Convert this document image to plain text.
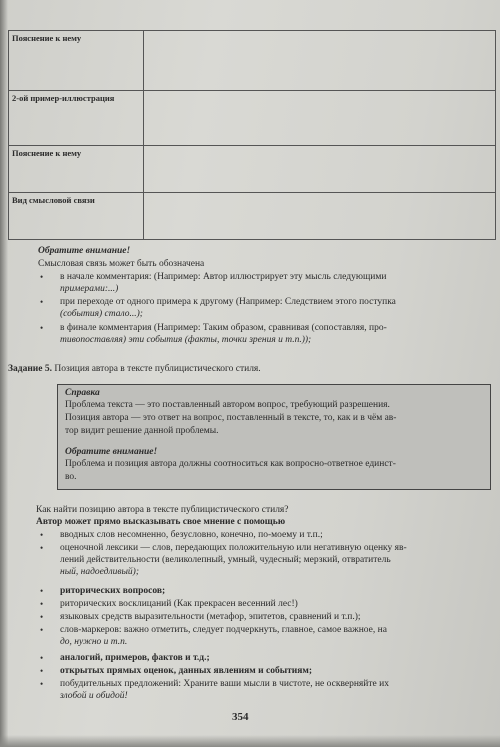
Пояснение к нему	
2-ой пример-иллюстрация	
Пояснение к нему	
Вид смысловой связи	
Обратите внимание!
Смысловая связь может быть обозначена
• в начале комментария: (Например: Автор иллюстрирует эту мысль следующими
примерами:...)
• при переходе от одного примера к другому (Например: Следствием этого поступка
(события) стало...);
• в финале комментария (Например: Таким образом, сравнивая (сопоставляя, про-
тивопоставляя) эти события (факты, точки зрения и т.п.));
Задание 5. Позиция автора в тексте публицистического стиля.
Справка
Проблема текста — это поставленный автором вопрос, требующий разрешения.
Позиция автора — это ответ на вопрос, поставленный в тексте, то, как и в чём ав-
тор видит решение данной проблемы.
Обратите внимание!
Проблема и позиция автора должны соотноситься как вопросно-ответное единст-
во.
Как найти позицию автора в тексте публицистического стиля?
Автор может прямо высказывать свое мнение с помощью
• вводных слов несомненно, безусловно, конечно, по-моему и т.п.;
• оценочной лексики — слов, передающих положительную или негативную оценку яв-
лений действительности (великолепный, умный, чудесный; мерзкий, отвратитель
ный, надоедливый);
• риторических вопросов;
• риторических восклицаний (Как прекрасен весенний лес!)
• языковых средств выразительности (метафор, эпитетов, сравнений и т.п.);
• слов-маркеров: важно отметить, следует подчеркнуть, главное, самое важное, на
до, нужно и т.п.
• аналогий, примеров, фактов и т.д.;
• открытых прямых оценок, данных явлениям и событиям;
• побудительных предложений: Храните ваши мысли в чистоте, не оскверняйте их
злобой и обидой!
354
